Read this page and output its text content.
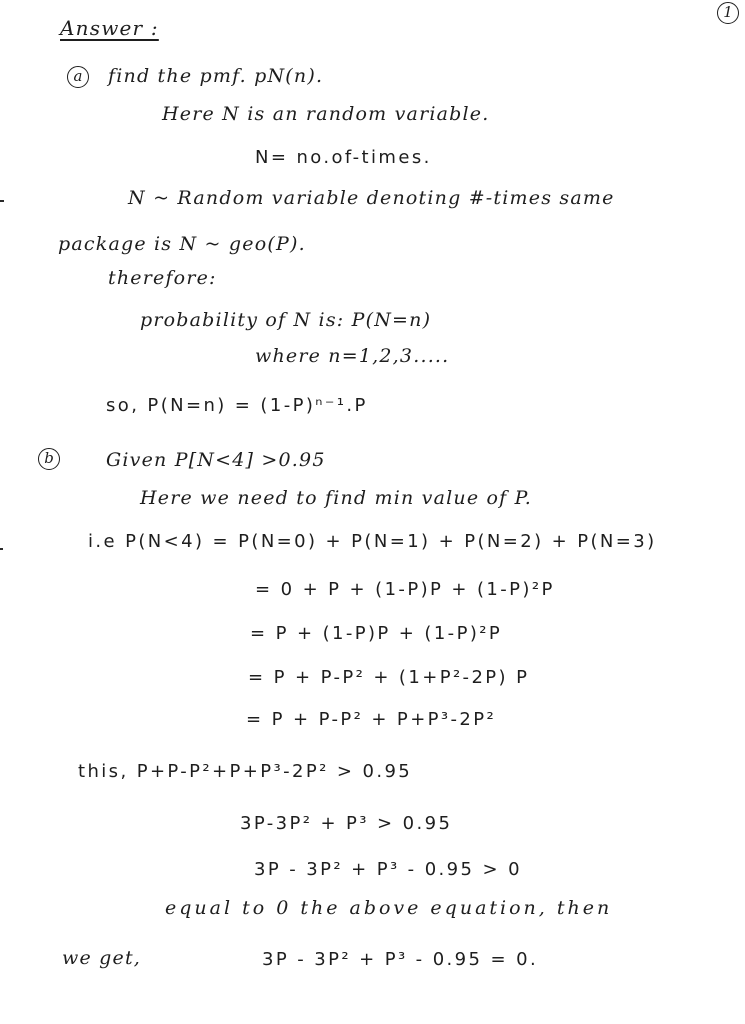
1
Answer :
a	find the pmf. pN(n).
Here N is an random variable.
N= no.of-times.
N ~ Random variable denoting #-times same
package is N ~ geo(P).
therefore:
probability of N is: P(N=n)
where n=1,2,3.....
so, P(N=n) = (1-P)ⁿ⁻¹.P
b	Given P[N<4] >0.95
Here we need to find min value of P.
i.e P(N<4) = P(N=0) + P(N=1) + P(N=2) + P(N=3)
= 0 + P + (1-P)P + (1-P)²P
= P + (1-P)P + (1-P)²P
= P + P-P² + (1+P²-2P) P
= P + P-P² + P+P³-2P²
this, P+P-P²+P+P³-2P² > 0.95
3P-3P² + P³ > 0.95
3P - 3P² + P³ - 0.95 > 0
equal to 0 the above equation, then
we get,	3P - 3P² + P³ - 0.95 = 0.
